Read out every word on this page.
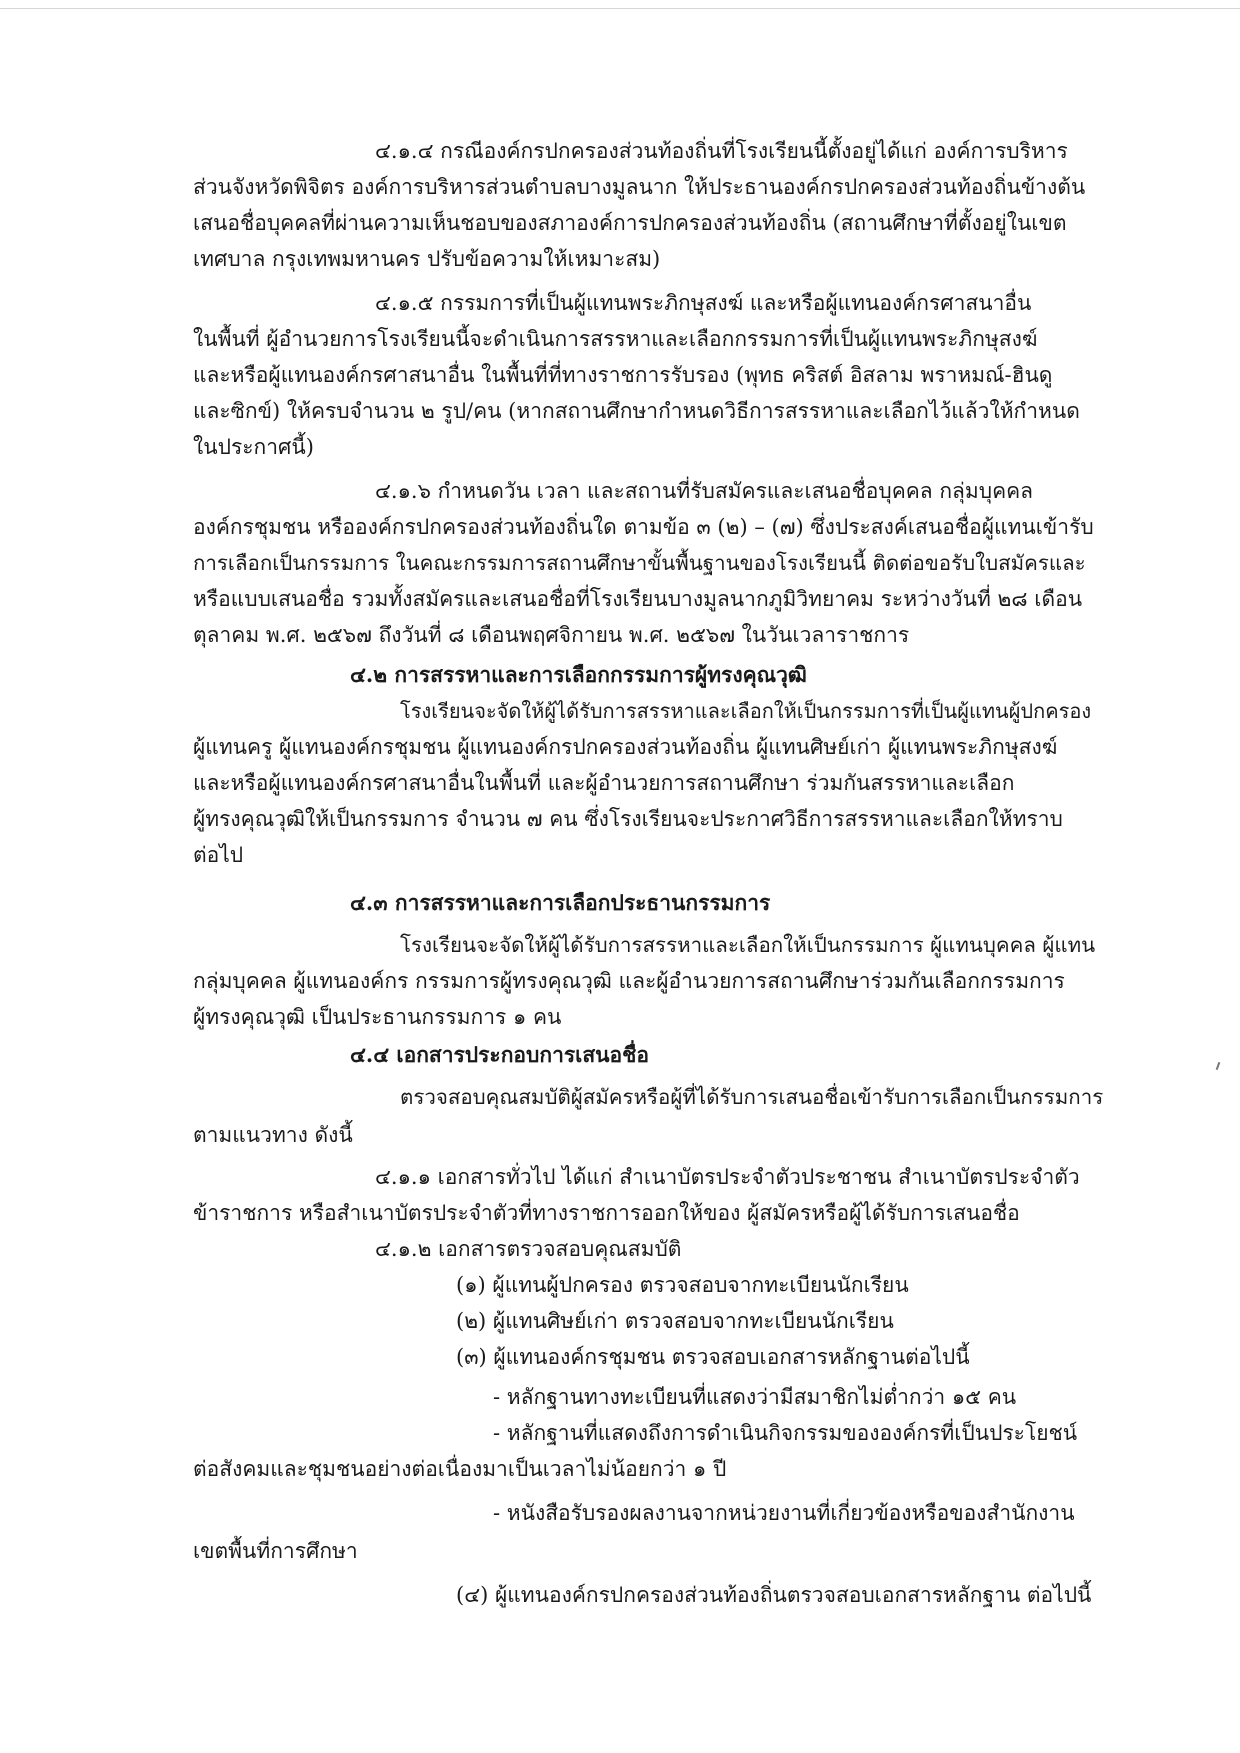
๔.๑.๔ กรณีองค์กรปกครองส่วนท้องถิ่นที่โรงเรียนนี้ตั้งอยู่ได้แก่ องค์การบริหาร
ส่วนจังหวัดพิจิตร องค์การบริหารส่วนตำบลบางมูลนาก ให้ประธานองค์กรปกครองส่วนท้องถิ่นข้างต้น
เสนอชื่อบุคคลที่ผ่านความเห็นชอบของสภาองค์การปกครองส่วนท้องถิ่น (สถานศึกษาที่ตั้งอยู่ในเขต
เทศบาล กรุงเทพมหานคร ปรับข้อความให้เหมาะสม)
๔.๑.๕ กรรมการที่เป็นผู้แทนพระภิกษุสงฆ์ และหรือผู้แทนองค์กรศาสนาอื่น
ในพื้นที่ ผู้อำนวยการโรงเรียนนี้จะดำเนินการสรรหาและเลือกกรรมการที่เป็นผู้แทนพระภิกษุสงฆ์
และหรือผู้แทนองค์กรศาสนาอื่น ในพื้นที่ที่ทางราชการรับรอง (พุทธ คริสต์ อิสลาม พราหมณ์-ฮินดู
และซิกข์) ให้ครบจำนวน ๒ รูป/คน (หากสถานศึกษากำหนดวิธีการสรรหาและเลือกไว้แล้วให้กำหนด
ในประกาศนี้)
๔.๑.๖ กำหนดวัน เวลา และสถานที่รับสมัครและเสนอชื่อบุคคล กลุ่มบุคคล
องค์กรชุมชน หรือองค์กรปกครองส่วนท้องถิ่นใด ตามข้อ ๓ (๒) – (๗) ซึ่งประสงค์เสนอชื่อผู้แทนเข้ารับ
การเลือกเป็นกรรมการ ในคณะกรรมการสถานศึกษาขั้นพื้นฐานของโรงเรียนนี้ ติดต่อขอรับใบสมัครและ
หรือแบบเสนอชื่อ รวมทั้งสมัครและเสนอชื่อที่โรงเรียนบางมูลนากภูมิวิทยาคม ระหว่างวันที่ ๒๘ เดือน
ตุลาคม พ.ศ. ๒๕๖๗ ถึงวันที่ ๘ เดือนพฤศจิกายน พ.ศ. ๒๕๖๗ ในวันเวลาราชการ
๔.๒ การสรรหาและการเลือกกรรมการผู้ทรงคุณวุฒิ
โรงเรียนจะจัดให้ผู้ได้รับการสรรหาและเลือกให้เป็นกรรมการที่เป็นผู้แทนผู้ปกครอง
ผู้แทนครู ผู้แทนองค์กรชุมชน ผู้แทนองค์กรปกครองส่วนท้องถิ่น ผู้แทนศิษย์เก่า ผู้แทนพระภิกษุสงฆ์
และหรือผู้แทนองค์กรศาสนาอื่นในพื้นที่ และผู้อำนวยการสถานศึกษา ร่วมกันสรรหาและเลือก
ผู้ทรงคุณวุฒิให้เป็นกรรมการ จำนวน ๗ คน ซึ่งโรงเรียนจะประกาศวิธีการสรรหาและเลือกให้ทราบ
ต่อไป
๔.๓ การสรรหาและการเลือกประธานกรรมการ
โรงเรียนจะจัดให้ผู้ได้รับการสรรหาและเลือกให้เป็นกรรมการ ผู้แทนบุคคล ผู้แทน
กลุ่มบุคคล ผู้แทนองค์กร กรรมการผู้ทรงคุณวุฒิ และผู้อำนวยการสถานศึกษาร่วมกันเลือกกรรมการ
ผู้ทรงคุณวุฒิ เป็นประธานกรรมการ ๑ คน
๔.๔ เอกสารประกอบการเสนอชื่อ
ตรวจสอบคุณสมบัติผู้สมัครหรือผู้ที่ได้รับการเสนอชื่อเข้ารับการเลือกเป็นกรรมการ
ตามแนวทาง ดังนี้
๔.๑.๑ เอกสารทั่วไป ได้แก่ สำเนาบัตรประจำตัวประชาชน สำเนาบัตรประจำตัว
ข้าราชการ หรือสำเนาบัตรประจำตัวที่ทางราชการออกให้ของ ผู้สมัครหรือผู้ได้รับการเสนอชื่อ
๔.๑.๒ เอกสารตรวจสอบคุณสมบัติ
(๑) ผู้แทนผู้ปกครอง ตรวจสอบจากทะเบียนนักเรียน
(๒) ผู้แทนศิษย์เก่า ตรวจสอบจากทะเบียนนักเรียน
(๓) ผู้แทนองค์กรชุมชน ตรวจสอบเอกสารหลักฐานต่อไปนี้
- หลักฐานทางทะเบียนที่แสดงว่ามีสมาชิกไม่ต่ำกว่า ๑๕ คน
- หลักฐานที่แสดงถึงการดำเนินกิจกรรมขององค์กรที่เป็นประโยชน์
ต่อสังคมและชุมชนอย่างต่อเนื่องมาเป็นเวลาไม่น้อยกว่า ๑ ปี
- หนังสือรับรองผลงานจากหน่วยงานที่เกี่ยวข้องหรือของสำนักงาน
เขตพื้นที่การศึกษา
(๔) ผู้แทนองค์กรปกครองส่วนท้องถิ่นตรวจสอบเอกสารหลักฐาน ต่อไปนี้
